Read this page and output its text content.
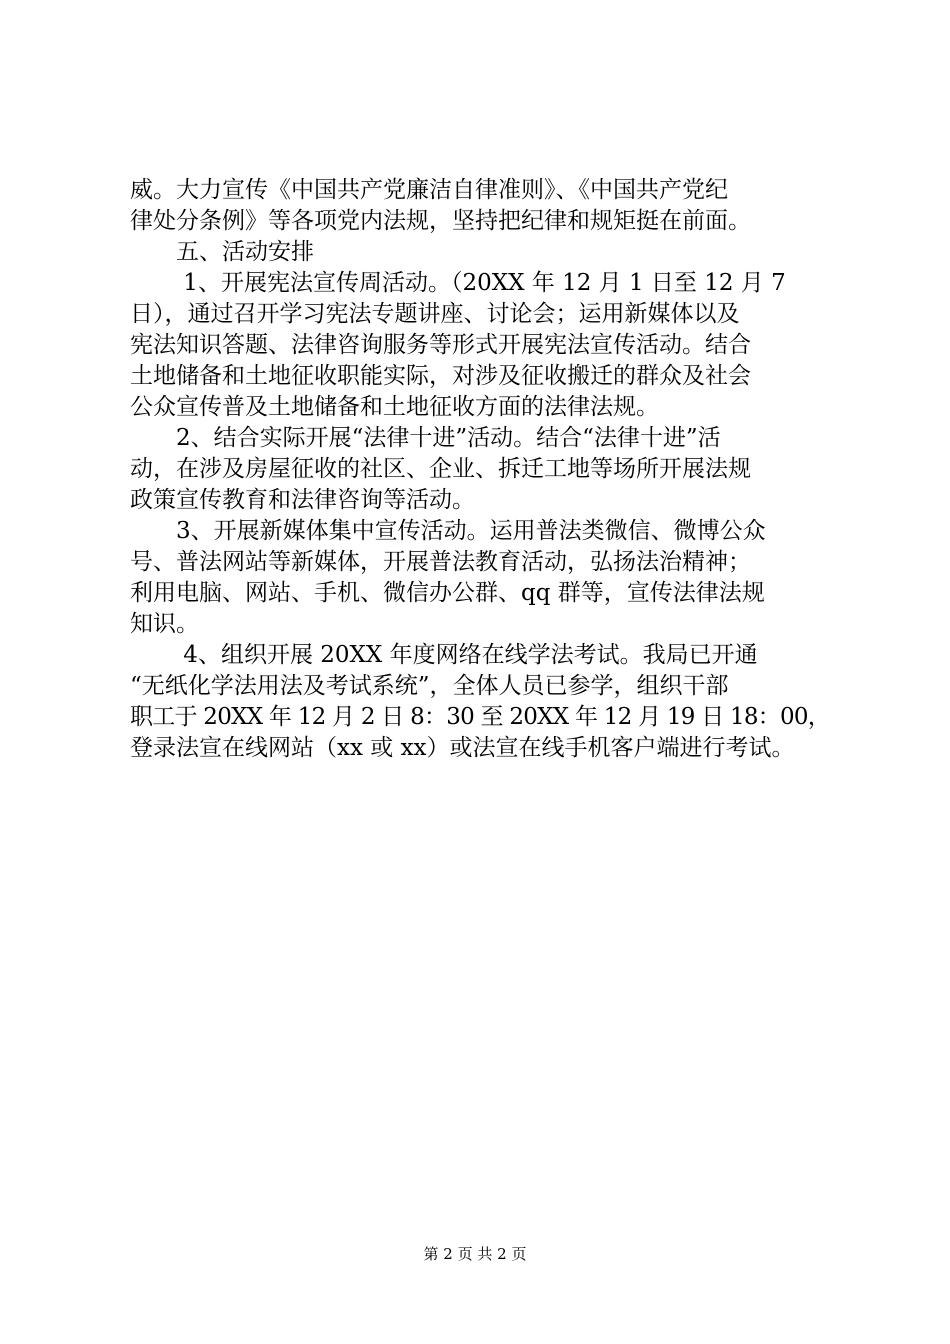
威。大力宣传《中国共产党廉洁自律准则》、《中国共产党纪
律处分条例》等各项党内法规，坚持把纪律和规矩挺在前面。
　　五、活动安排
　　 1、开展宪法宣传周活动。（20XX 年 12 月 1 日至 12 月 7
日），通过召开学习宪法专题讲座、讨论会；运用新媒体以及
宪法知识答题、法律咨询服务等形式开展宪法宣传活动。结合
土地储备和土地征收职能实际，对涉及征收搬迁的群众及社会
公众宣传普及土地储备和土地征收方面的法律法规。
　　2、结合实际开展“法律十进”活动。结合“法律十进”活
动，在涉及房屋征收的社区、企业、拆迁工地等场所开展法规
政策宣传教育和法律咨询等活动。
　　3、开展新媒体集中宣传活动。运用普法类微信、微博公众
号、普法网站等新媒体，开展普法教育活动，弘扬法治精神；
利用电脑、网站、手机、微信办公群、qq 群等，宣传法律法规
知识。
　　 4、组织开展 20XX 年度网络在线学法考试。我局已开通
“无纸化学法用法及考试系统”，全体人员已参学，组织干部
职工于 20XX 年 12 月 2 日 8：30 至 20XX 年 12 月 19 日 18：00，
登录法宣在线网站（xx 或 xx）或法宣在线手机客户端进行考试。
第 2 页 共 2 页
